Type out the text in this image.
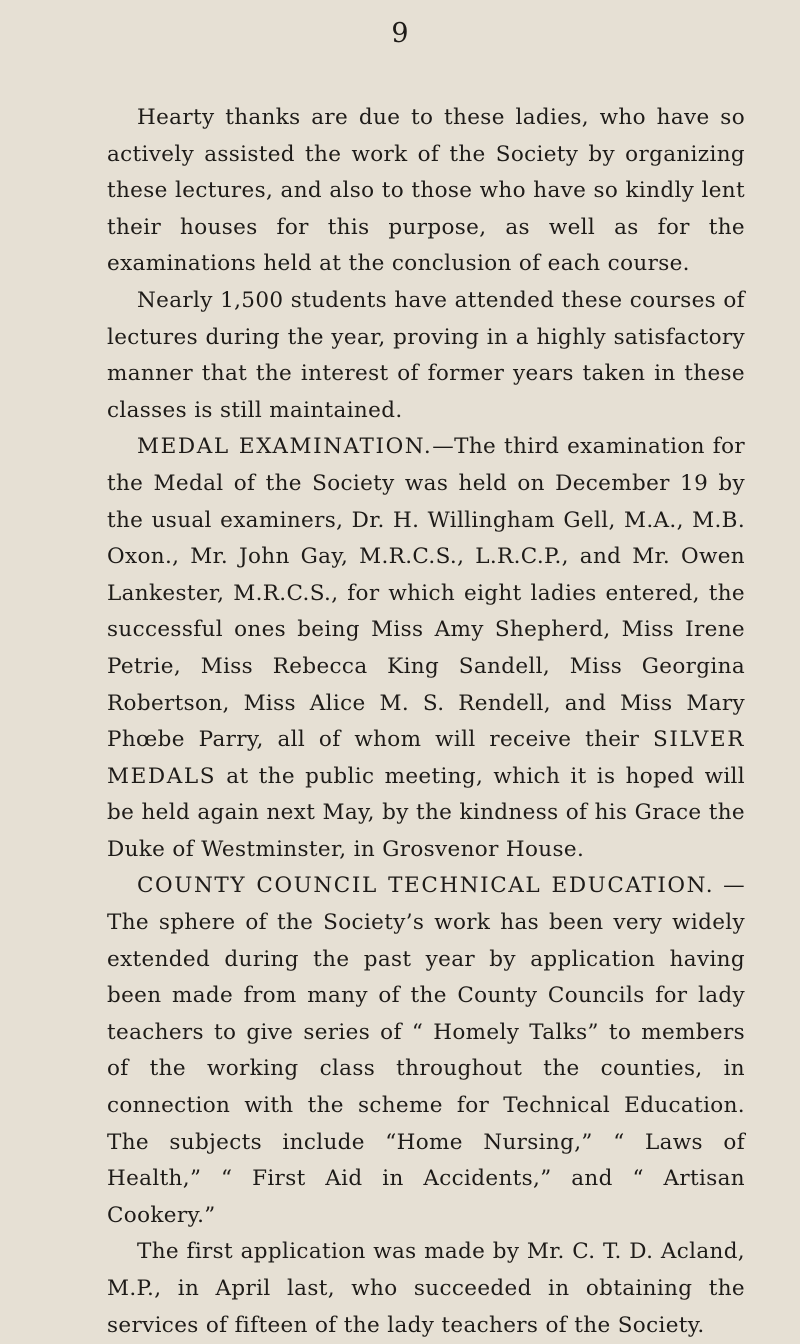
9

Hearty thanks are due to these ladies, who have so actively assisted the work of the Society by organizing these lectures, and also to those who have so kindly lent their houses for this purpose, as well as for the examinations held at the conclusion of each course.

Nearly 1,500 students have attended these courses of lectures during the year, proving in a highly satisfactory manner that the interest of former years taken in these classes is still maintained.

MEDAL EXAMINATION.—The third examination for the Medal of the Society was held on December 19 by the usual examiners, Dr. H. Willingham Gell, M.A., M.B. Oxon., Mr. John Gay, M.R.C.S., L.R.C.P., and Mr. Owen Lankester, M.R.C.S., for which eight ladies entered, the successful ones being Miss Amy Shepherd, Miss Irene Petrie, Miss Rebecca King Sandell, Miss Georgina Robertson, Miss Alice M. S. Rendell, and Miss Mary Phœbe Parry, all of whom will receive their SILVER MEDALS at the public meeting, which it is hoped will be held again next May, by the kindness of his Grace the Duke of Westminster, in Grosvenor House.

COUNTY COUNCIL TECHNICAL EDUCATION. —The sphere of the Society’s work has been very widely extended during the past year by application having been made from many of the County Councils for lady teachers to give series of “ Homely Talks” to members of the working class throughout the counties, in connection with the scheme for Technical Education. The subjects include “Home Nursing,” “ Laws of Health,” “ First Aid in Accidents,” and “ Artisan Cookery.”

The first application was made by Mr. C. T. D. Acland, M.P., in April last, who succeeded in obtaining the services of fifteen of the lady teachers of the Society.
